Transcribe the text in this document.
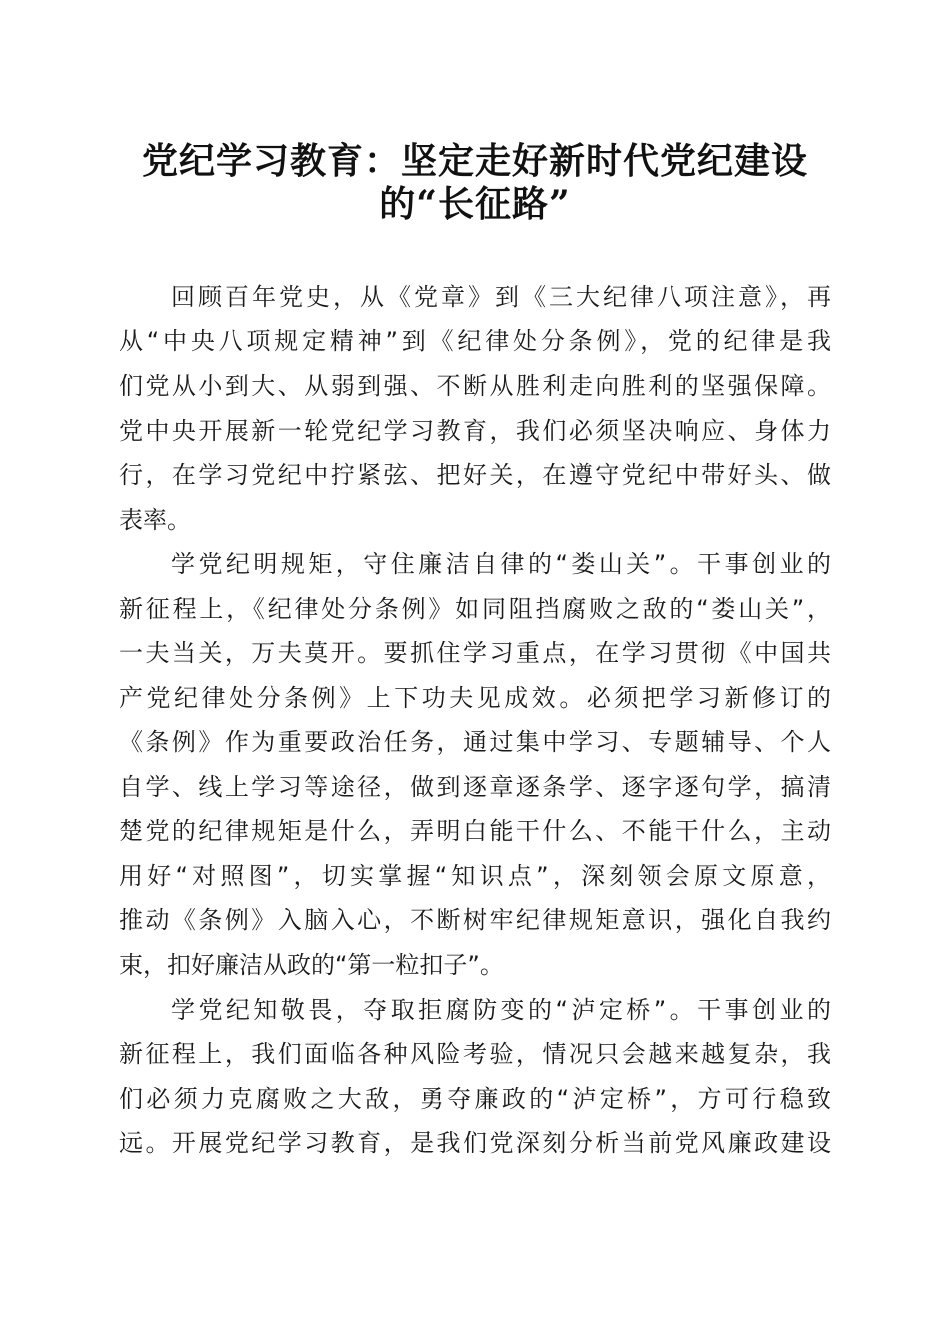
党纪学习教育：坚定走好新时代党纪建设
的“长征路”
回顾百年党史，从《党章》到《三大纪律八项注意》，再
从“中央八项规定精神”到《纪律处分条例》，党的纪律是我
们党从小到大、从弱到强、不断从胜利走向胜利的坚强保障。
党中央开展新一轮党纪学习教育，我们必须坚决响应、身体力
行，在学习党纪中拧紧弦、把好关，在遵守党纪中带好头、做
表率。
学党纪明规矩，守住廉洁自律的“娄山关”。干事创业的
新征程上，《纪律处分条例》如同阻挡腐败之敌的“娄山关”，
一夫当关，万夫莫开。要抓住学习重点，在学习贯彻《中国共
产党纪律处分条例》上下功夫见成效。必须把学习新修订的
《条例》作为重要政治任务，通过集中学习、专题辅导、个人
自学、线上学习等途径，做到逐章逐条学、逐字逐句学，搞清
楚党的纪律规矩是什么，弄明白能干什么、不能干什么，主动
用好“对照图”，切实掌握“知识点”，深刻领会原文原意，
推动《条例》入脑入心，不断树牢纪律规矩意识，强化自我约
束，扣好廉洁从政的“第一粒扣子”。
学党纪知敬畏，夺取拒腐防变的“泸定桥”。干事创业的
新征程上，我们面临各种风险考验，情况只会越来越复杂，我
们必须力克腐败之大敌，勇夺廉政的“泸定桥”，方可行稳致
远。开展党纪学习教育，是我们党深刻分析当前党风廉政建设
